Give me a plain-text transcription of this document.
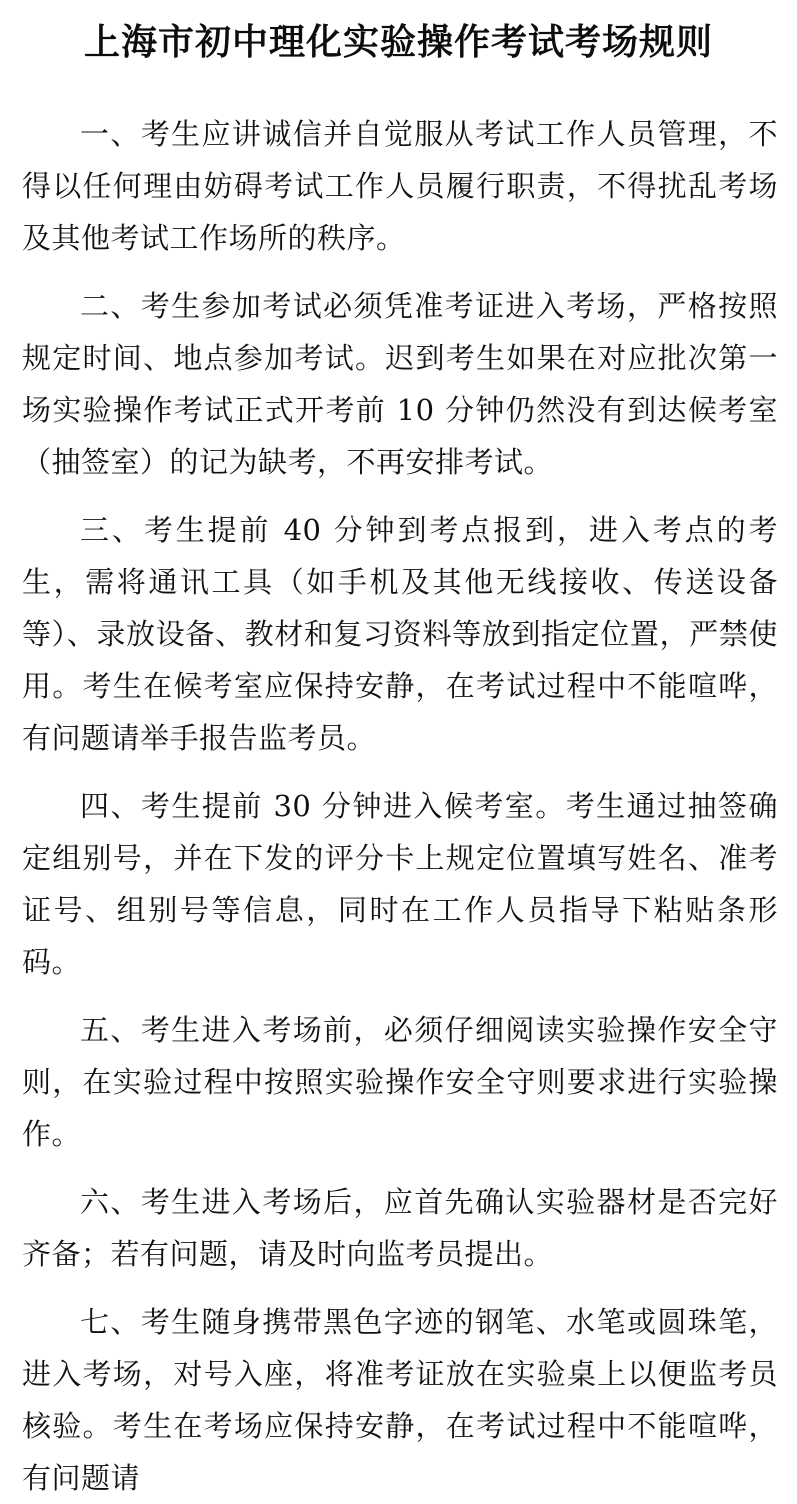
上海市初中理化实验操作考试考场规则

一、考生应讲诚信并自觉服从考试工作人员管理，不得以任何理由妨碍考试工作人员履行职责，不得扰乱考场及其他考试工作场所的秩序。

二、考生参加考试必须凭准考证进入考场，严格按照规定时间、地点参加考试。迟到考生如果在对应批次第一场实验操作考试正式开考前 10 分钟仍然没有到达候考室（抽签室）的记为缺考，不再安排考试。

三、考生提前 40 分钟到考点报到，进入考点的考生，需将通讯工具（如手机及其他无线接收、传送设备等）、录放设备、教材和复习资料等放到指定位置，严禁使用。考生在候考室应保持安静，在考试过程中不能喧哗，有问题请举手报告监考员。

四、考生提前 30 分钟进入候考室。考生通过抽签确定组别号，并在下发的评分卡上规定位置填写姓名、准考证号、组别号等信息，同时在工作人员指导下粘贴条形码。

五、考生进入考场前，必须仔细阅读实验操作安全守则，在实验过程中按照实验操作安全守则要求进行实验操作。

六、考生进入考场后，应首先确认实验器材是否完好齐备；若有问题，请及时向监考员提出。

七、考生随身携带黑色字迹的钢笔、水笔或圆珠笔，进入考场，对号入座，将准考证放在实验桌上以便监考员核验。考生在考场应保持安静，在考试过程中不能喧哗，有问题请
